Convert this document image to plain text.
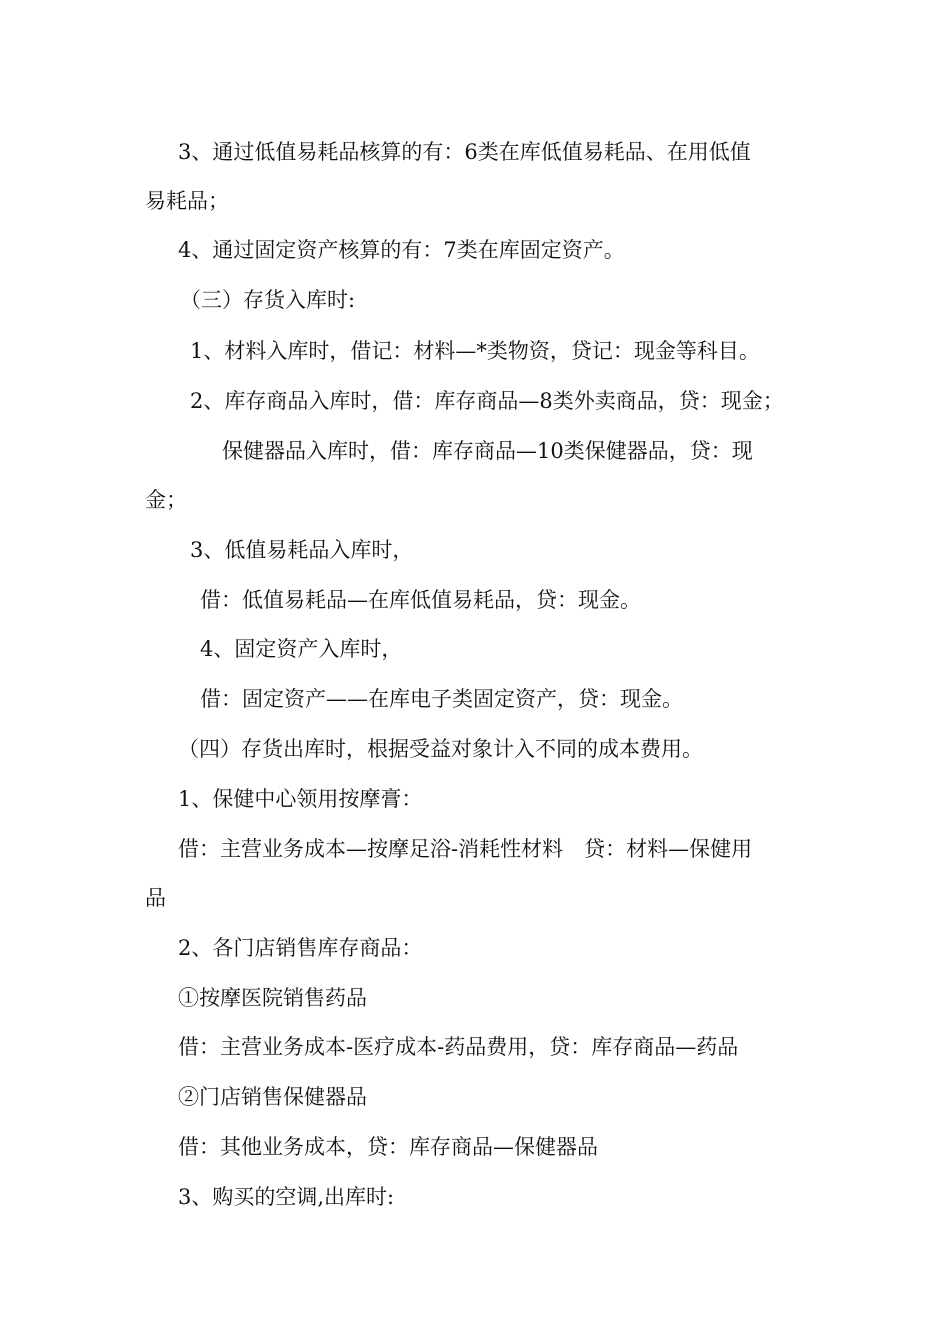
3、通过低值易耗品核算的有：6类在库低值易耗品、在用低值
易耗品；
4、通过固定资产核算的有：7类在库固定资产。
（三）存货入库时:
1、材料入库时，借记：材料—*类物资，贷记：现金等科目。
2、库存商品入库时，借：库存商品—8类外卖商品，贷：现金；
保健器品入库时，借：库存商品—10类保健器品，贷：现
金；
3、低值易耗品入库时，
借：低值易耗品—在库低值易耗品，贷：现金。
4、固定资产入库时，
借：固定资产——在库电子类固定资产，贷：现金。
（四）存货出库时，根据受益对象计入不同的成本费用。
1、保健中心领用按摩膏：
借：主营业务成本—按摩足浴-消耗性材料　贷：材料—保健用
品
2、各门店销售库存商品：
①按摩医院销售药品
借：主营业务成本-医疗成本-药品费用，贷：库存商品—药品
②门店销售保健器品
借：其他业务成本，贷：库存商品—保健器品
3、购买的空调,出库时:
